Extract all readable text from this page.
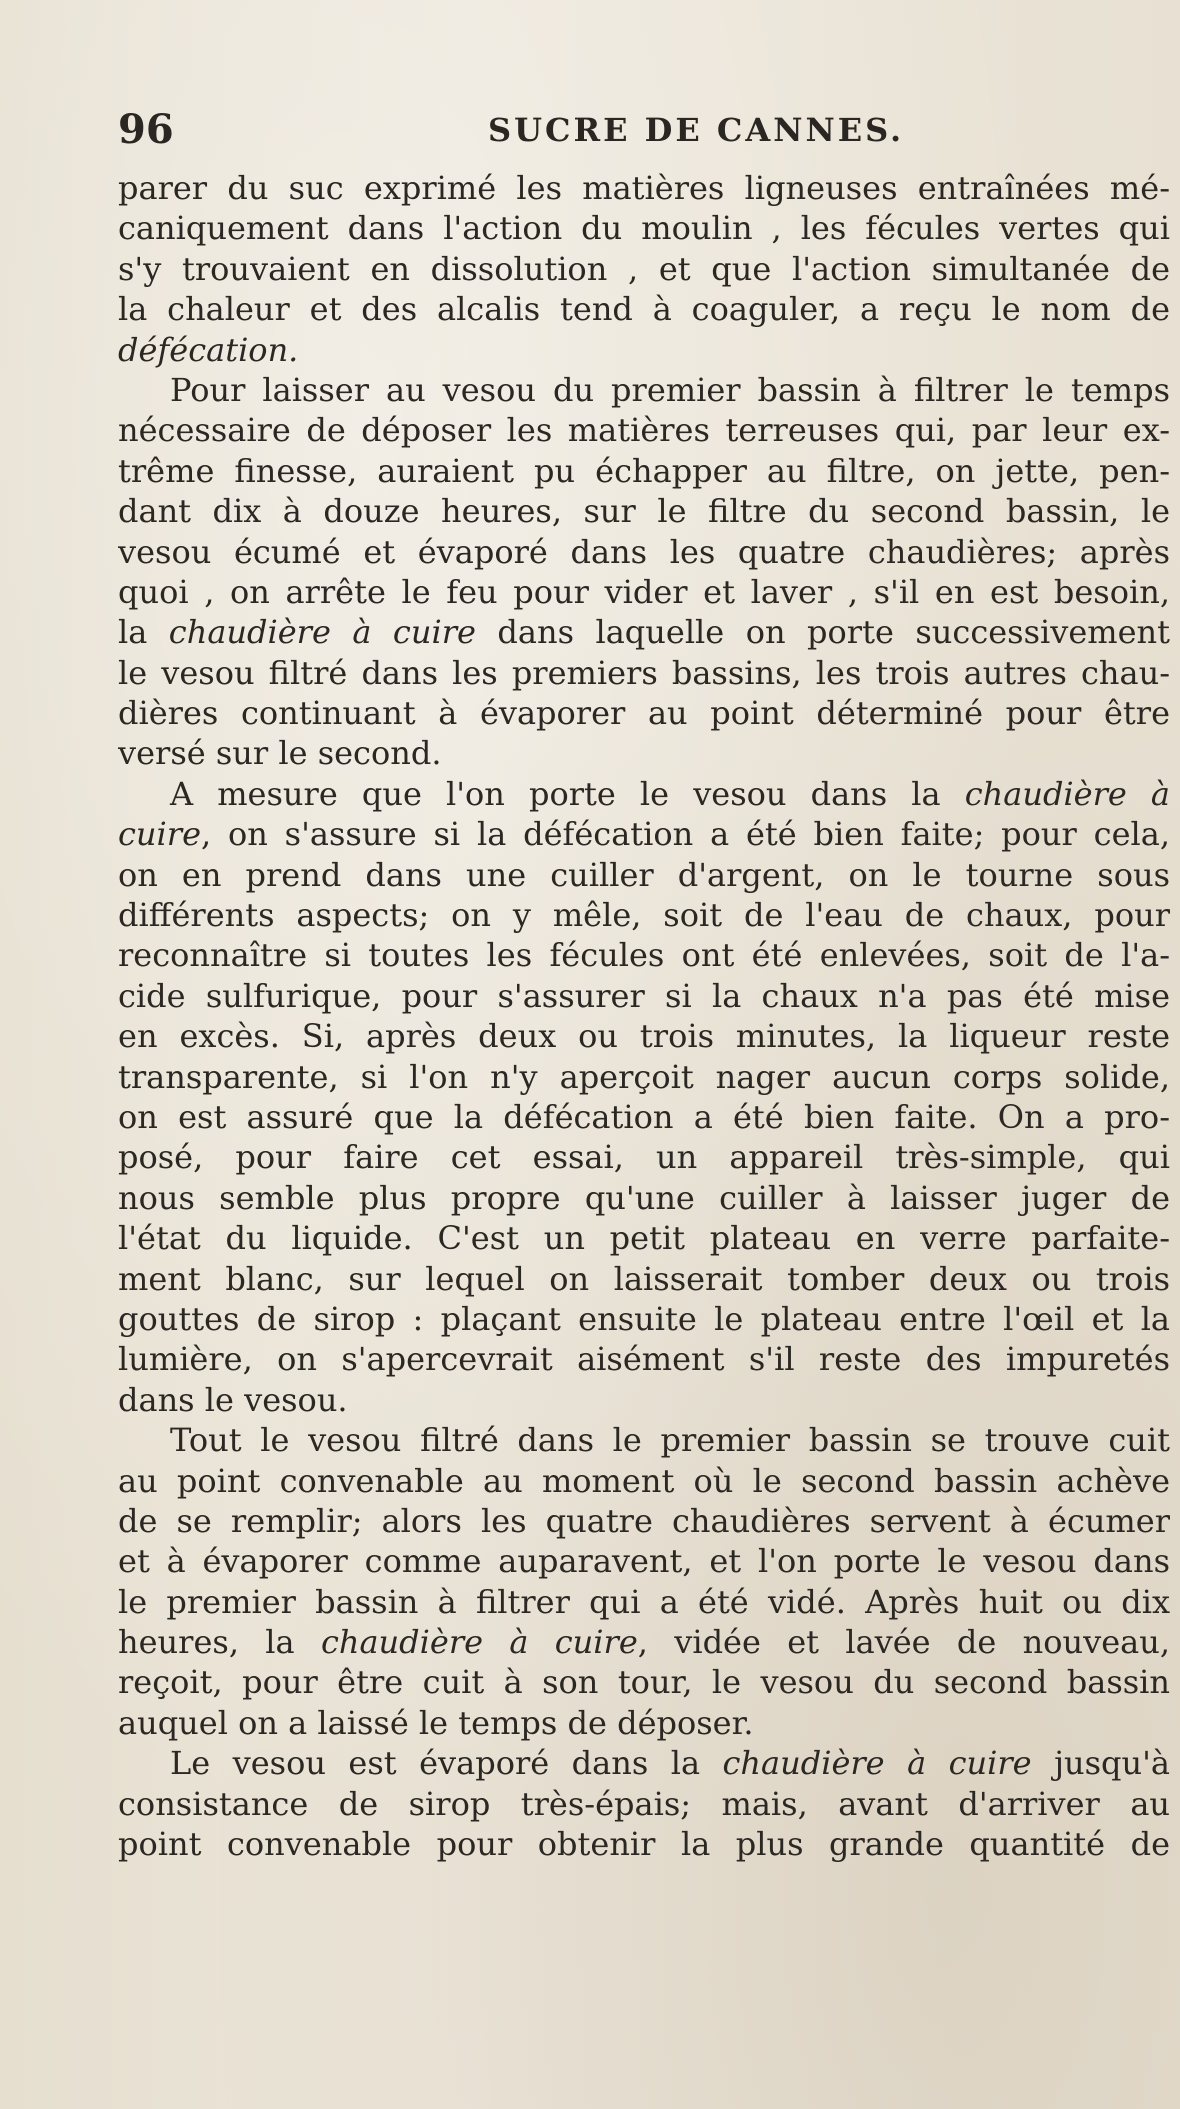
96	SUCRE DE CANNES.
parer du suc exprimé les matières ligneuses entraînées mé-
caniquement dans l'action du moulin , les fécules vertes qui
s'y trouvaient en dissolution , et que l'action simultanée de
la chaleur et des alcalis tend à coaguler, a reçu le nom de
défécation.
Pour laisser au vesou du premier bassin à filtrer le temps
nécessaire de déposer les matières terreuses qui, par leur ex-
trême finesse, auraient pu échapper au filtre, on jette, pen-
dant dix à douze heures, sur le filtre du second bassin, le
vesou écumé et évaporé dans les quatre chaudières; après
quoi , on arrête le feu pour vider et laver , s'il en est besoin,
la chaudière à cuire dans laquelle on porte successivement
le vesou filtré dans les premiers bassins, les trois autres chau-
dières continuant à évaporer au point déterminé pour être
versé sur le second.
A mesure que l'on porte le vesou dans la chaudière à
cuire, on s'assure si la défécation a été bien faite; pour cela,
on en prend dans une cuiller d'argent, on le tourne sous
différents aspects; on y mêle, soit de l'eau de chaux, pour
reconnaître si toutes les fécules ont été enlevées, soit de l'a-
cide sulfurique, pour s'assurer si la chaux n'a pas été mise
en excès. Si, après deux ou trois minutes, la liqueur reste
transparente, si l'on n'y aperçoit nager aucun corps solide,
on est assuré que la défécation a été bien faite. On a pro-
posé, pour faire cet essai, un appareil très-simple, qui
nous semble plus propre qu'une cuiller à laisser juger de
l'état du liquide. C'est un petit plateau en verre parfaite-
ment blanc, sur lequel on laisserait tomber deux ou trois
gouttes de sirop : plaçant ensuite le plateau entre l'œil et la
lumière, on s'apercevrait aisément s'il reste des impuretés
dans le vesou.
Tout le vesou filtré dans le premier bassin se trouve cuit
au point convenable au moment où le second bassin achève
de se remplir; alors les quatre chaudières servent à écumer
et à évaporer comme auparavent, et l'on porte le vesou dans
le premier bassin à filtrer qui a été vidé. Après huit ou dix
heures, la chaudière à cuire, vidée et lavée de nouveau,
reçoit, pour être cuit à son tour, le vesou du second bassin
auquel on a laissé le temps de déposer.
Le vesou est évaporé dans la chaudière à cuire jusqu'à
consistance de sirop très-épais; mais, avant d'arriver au
point convenable pour obtenir la plus grande quantité de
